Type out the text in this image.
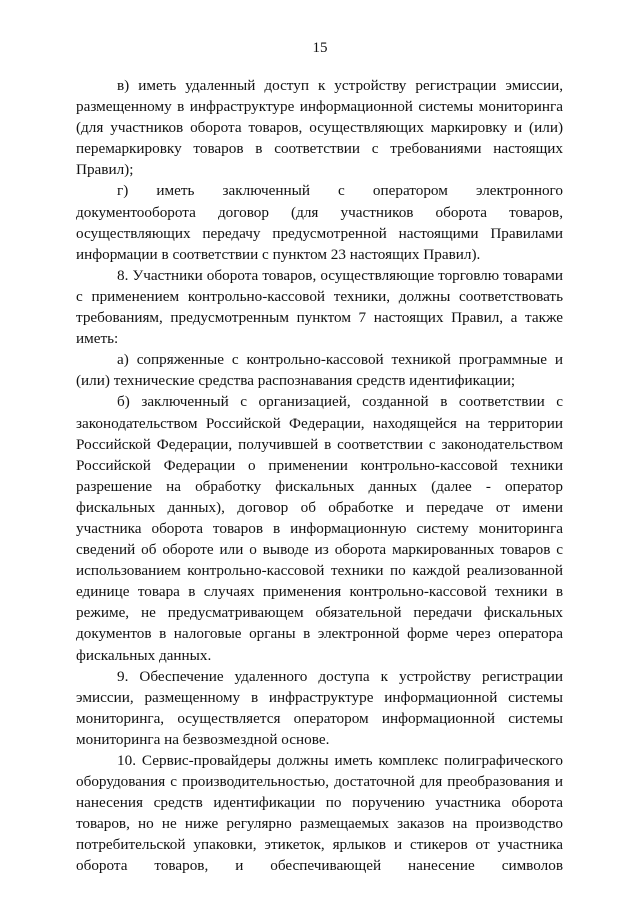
15

в) иметь удаленный доступ к устройству регистрации эмиссии, размещенному в инфраструктуре информационной системы мониторинга (для участников оборота товаров, осуществляющих маркировку и (или) перемаркировку товаров в соответствии с требованиями настоящих Правил);

г) иметь заключенный с оператором электронного документооборота договор (для участников оборота товаров, осуществляющих передачу предусмотренной настоящими Правилами информации в соответствии с пунктом 23 настоящих Правил).

8. Участники оборота товаров, осуществляющие торговлю товарами с применением контрольно-кассовой техники, должны соответствовать требованиям, предусмотренным пунктом 7 настоящих Правил, а также иметь:

а) сопряженные с контрольно-кассовой техникой программные и (или) технические средства распознавания средств идентификации;

б) заключенный с организацией, созданной в соответствии с законодательством Российской Федерации, находящейся на территории Российской Федерации, получившей в соответствии с законодательством Российской Федерации о применении контрольно-кассовой техники разрешение на обработку фискальных данных (далее - оператор фискальных данных), договор об обработке и передаче от имени участника оборота товаров в информационную систему мониторинга сведений об обороте или о выводе из оборота маркированных товаров с использованием контрольно-кассовой техники по каждой реализованной единице товара в случаях применения контрольно-кассовой техники в режиме, не предусматривающем обязательной передачи фискальных документов в налоговые органы в электронной форме через оператора фискальных данных.

9. Обеспечение удаленного доступа к устройству регистрации эмиссии, размещенному в инфраструктуре информационной системы мониторинга, осуществляется оператором информационной системы мониторинга на безвозмездной основе.

10. Сервис-провайдеры должны иметь комплекс полиграфического оборудования с производительностью, достаточной для преобразования и нанесения средств идентификации по поручению участника оборота товаров, но не ниже регулярно размещаемых заказов на производство потребительской упаковки, этикеток, ярлыков и стикеров от участника оборота товаров, и обеспечивающей нанесение символов
